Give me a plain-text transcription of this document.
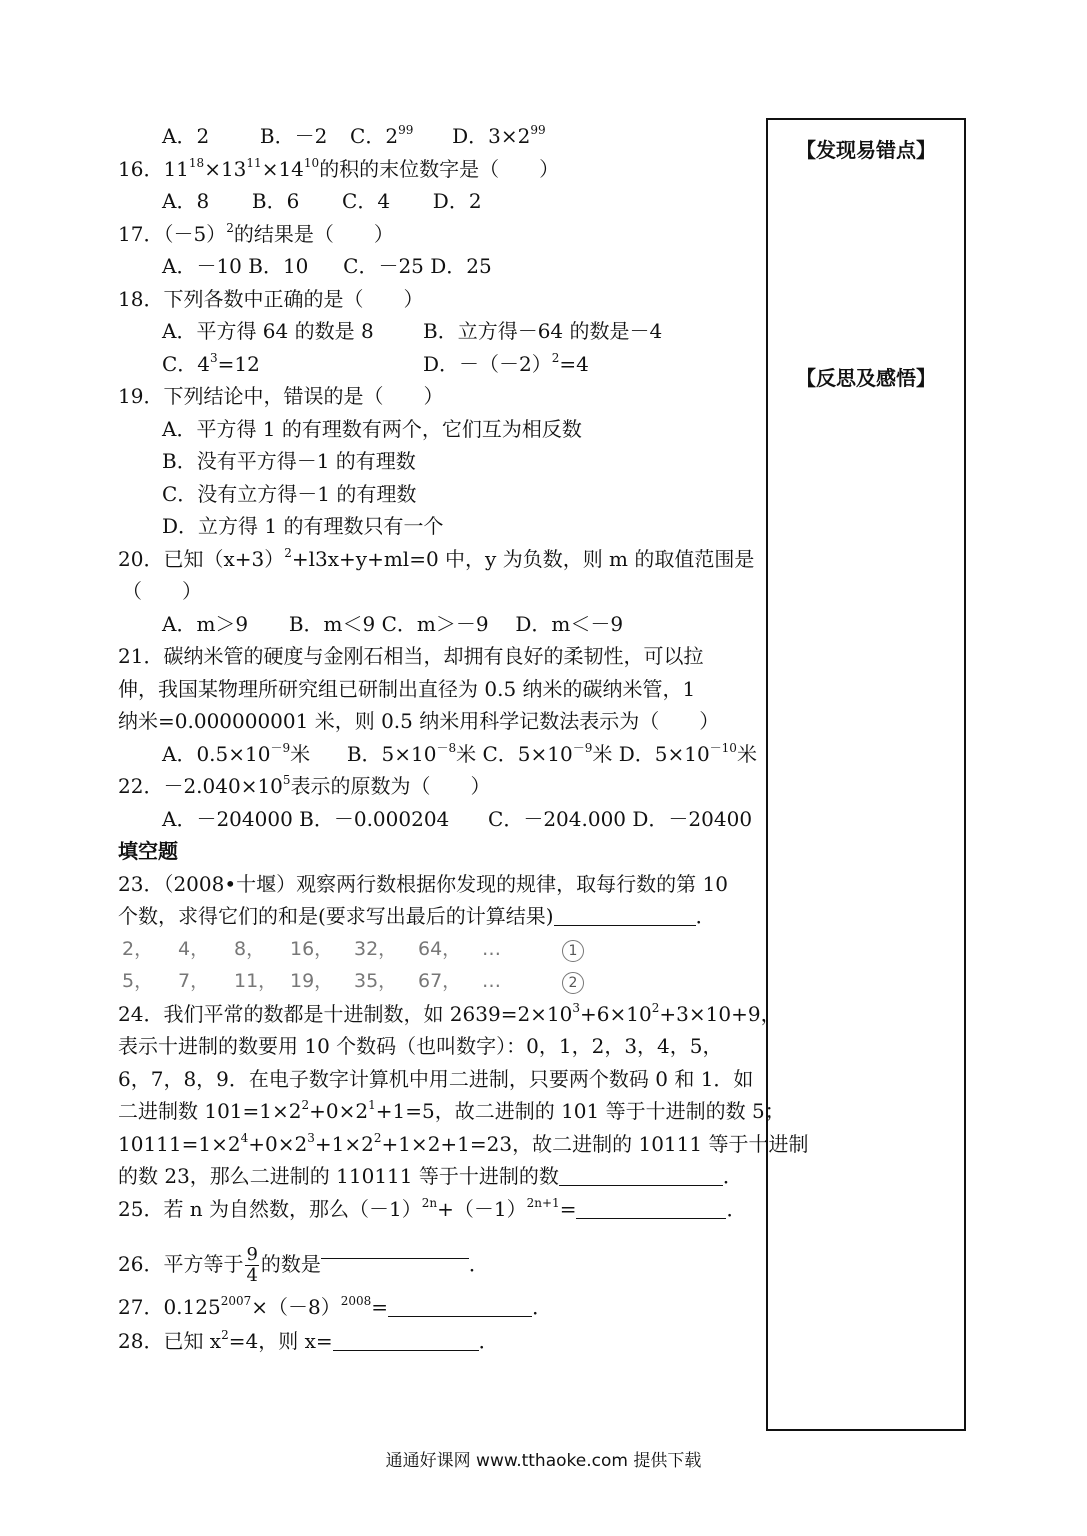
【发现易错点】
【反思及感悟】
A．2	B．－2 C．$2^{99}$ D．$3\times 2^{99}$
16．$11^{18}\times 13^{11}\times 14^{10}$的积的末位数字是（　　）
A．8 B．6 C．4 D．2
17．$(-5)^2$的结果是（　　）
A．－10 B．10 C．－25 D．25
18．下列各数中正确的是（　　）
A．平方得 64 的数是 8 B．立方得－64 的数是－4
C．$4^3=12$	D．$-(-2)^2=4$
19．下列结论中，错误的是（　　）
A．平方得 1 的有理数有两个，它们互为相反数
B．没有平方得－1 的有理数
C．没有立方得－1 的有理数
D．立方得 1 的有理数只有一个
20．已知$(x+3)^2+l3x+y+ml=0$ 中，y 为负数，则 m 的取值范围是
（　　）
A．m＞9 B．m＜9 C．m＞－9 D．m＜－9
21．碳纳米管的硬度与金刚石相当，却拥有良好的柔韧性，可以拉
伸，我国某物理所研究组已研制出直径为 0.5 纳米的碳纳米管，1
纳米=0.000000001 米，则 0.5 纳米用科学记数法表示为（　　）
A．$0.5\times 10^{-9}$米 B．$5\times 10^{-8}$米 C．$5\times 10^{-9}$米 D．$5\times 10^{-10}$米
22．$-2.040\times 10^5$表示的原数为（　　）
A．－204000 B．－0.000204 C．－204.000 D．－20400
填空题
23．（2008•十堰）观察两行数根据你发现的规律，取每行数的第 10
个数，求得它们的和是(要求写出最后的计算结果)	．
2， 4， 8， 16， 32， 64， …	1
5， 7， 11， 19， 35， 67， …	2
24．我们平常的数都是十进制数，如 $2639=2\times 10^3+6\times 10^2+3\times 10+9$，
表示十进制的数要用 10 个数码（也叫数字）：0，1，2，3，4，5，
6，7，8，9．在电子数字计算机中用二进制，只要两个数码 0 和 1．如
二进制数 $101=1\times 2^2+0\times 2^1+1=5$，故二进制的 101 等于十进制的数 5；
$10111=1\times 2^4+0\times 2^3+1\times 2^2+1\times 2+1=23$，故二进制的 10111 等于十进制
的数 23，那么二进制的 110111 等于十进制的数	．
25．若 n 为自然数，那么$(-1)^{2n}+(-1)^{2n+1}=$	．
26．平方等于 $\frac{9}{4}$ 的数是	．
27．$0.125^{2007}\times(-8)^{2008}=$	．
28．已知 $x^2=4$，则 x=	．
通通好课网 www.tthaoke.com 提供下载
